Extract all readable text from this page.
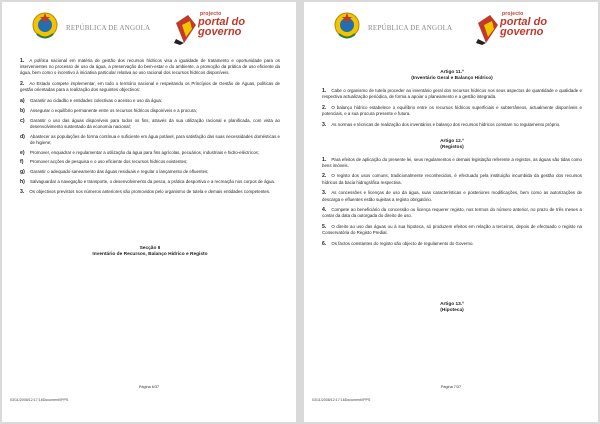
REPÚBLICA DE ANGOLA
projecto
portal do
governo

1. A política nacional em matéria de gestão dos recursos hídricos visa a igualdade de tratamento e oportunidade para os intervenientes no processo de uso da água, a preservação do bem-estar e do ambiente, a promoção da prática de uso eficiente da água, bem como o incentivo à iniciativa particular relativa ao uso racional dos recursos hídricos disponíveis.

2. Ao Estado compete implementar, em todo o território nacional e respeitando os Princípios de Gestão de Águas, políticas de gestão orientadas para a realização dos seguintes objectivos:

a)	Garantir ao cidadão e entidades colectivas o acesso e uso da água;
b)	Assegurar o equilíbrio permanente entre os recursos hídricos disponíveis e a procura;
c)	Garantir o uso das águas disponíveis para todos os fins, através da sua utilização racional e planificada, com vista ao desenvolvimento sustentado da economia nacional;
d)	Abastecer as populações de forma contínua e suficiente em água potável, para satisfação das suas necessidades domésticas e de higiene;
e)	Promover, enquadrar e regulamentar a utilização da água para fins agrícolas, pecuários, industriais e hidro-eléctricos;
f)	Promover acções de pesquisa e o uso eficiente dos recursos hídricos existentes;
g)	Garantir o adequado saneamento das águas residuais e regular o lançamento de efluentes;
h)	Salvaguardar a navegação e transporte, o desenvolvimento da pesca, a prática desportiva e a recreação nos corpos de água.

3. Os objectivos previstos nos números anteriores são promovidos pelo organismo de tutela e demais entidades competentes.

Secção II

Inventário de Recursos, Balanço Hídrico e Registo

Página 6/37
03/11/2008/12:17:16Document/IPPS
REPÚBLICA DE ANGOLA
projecto
portal do
governo

Artigo 11.º

(Inventário Geral e Balanço Hídrico)

1. Cabe o organismo de tutela proceder ao inventário geral dos recursos hídricos nos seus aspectos de quantidade e qualidade e respectiva actualização periódica, de forma a apoiar o planeamento e a gestão integrada.

2. O balanço hídrico estabelece o equilíbrio entre os recursos hídricos superficiais e subterrâneos, actualmente disponíveis e potenciais, e a sua procura presente e futura.

3. As normas e técnicas de realização dos inventários e balanço dos recursos hídricos constam no regulamento próprio.

Artigo 12.º

(Registos)

1. Para efeitos de aplicação do presente lei, seus regulamentos e demais legislação referente a registos, as águas são tidas como bens imóveis.

2. O registo dos usos comuns, tradicionalmente reconhecidos, é efectuado pela instituição incumbida da gestão dos recursos hídricos da bacia hidrográfica respectiva.

3. As concessões e licenças de uso da água, suas características e posteriores modificações, bem como as autorizações de descarga e efluentes estão sujeitas a registo obrigatório.

4. Compete ao beneficiário da concessão ou licença requerer registo, nos termos do número anterior, no prazo de três meses a contar da data da outorgada do direito de uso.

5. O direito ao uso das águas ou à sua hipoteca, só produzem efeitos em relação a terceiros, depois de efectuado o registo na Conservatória do Registo Predial.

6. Os factos constantes do registo são objecto de regulamento do Governo.

Artigo 13.º

(Hipoteca)

Página 7/37
03/11/2008/12:17:16Document/IPPS
